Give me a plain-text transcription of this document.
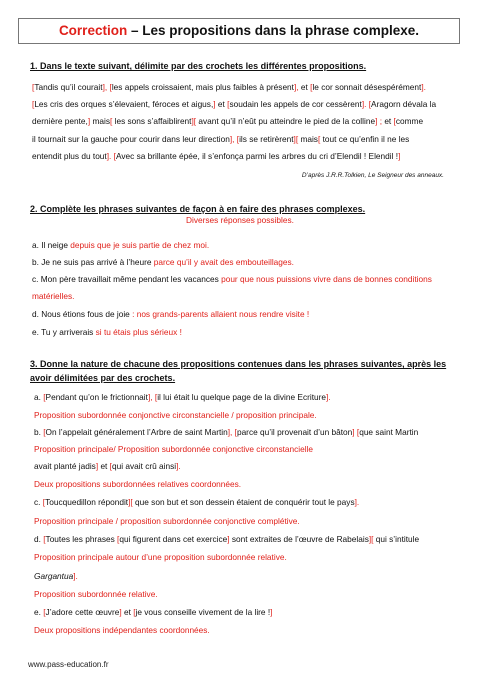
Correction – Les propositions dans la phrase complexe.
1. Dans le texte suivant, délimite par des crochets les différentes propositions.
[Tandis qu’il courait], [les appels croissaient, mais plus faibles à présent], et [le cor sonnait désespérément].
[Les cris des orques s’élevaient, féroces et aigus,] et [soudain les appels de cor cessèrent]. [Aragorn dévala la
dernière pente,] mais[ les sons s’affaiblirent][ avant qu’il n’eût pu atteindre le pied de la colline] ; et [comme
il tournait sur la gauche pour courir dans leur direction], [ils se retirèrent][ mais[ tout ce qu’enfin il ne les
entendit plus du tout]. [Avec sa brillante épée, il s’enfonça parmi les arbres du cri d’Elendil ! Elendil !]
D’après J.R.R.Tolkien, Le Seigneur des anneaux.
2. Complète les phrases suivantes de façon à en faire des phrases complexes.
Diverses réponses possibles.
a. Il neige depuis que je suis partie de chez moi.
b. Je ne suis pas arrivé à l’heure parce qu’il y avait des embouteillages.
c. Mon père travaillait même pendant les vacances pour que nous puissions vivre dans de bonnes conditions
matérielles.
d. Nous étions fous de joie : nos grands-parents allaient nous rendre visite !
e. Tu y arriverais si tu étais plus sérieux !
3. Donne la nature de chacune des propositions contenues dans les phrases suivantes, après les
avoir délimitées par des crochets.
a. [Pendant qu’on le frictionnait], [il lui était lu quelque page de la divine Ecriture].
Proposition subordonnée conjonctive circonstancielle / proposition principale.
b. [On l’appelait généralement l’Arbre de saint Martin], [parce qu’il provenait d’un bâton] [que saint Martin
Proposition principale/ Proposition subordonnée conjonctive circonstancielle
avait planté jadis] et [qui avait crû ainsi].
Deux propositions subordonnées relatives coordonnées.
c. [Toucquedillon répondit][ que son but et son dessein étaient de conquérir tout le pays].
Proposition principale / proposition subordonnée conjonctive complétive.
d. [Toutes les phrases [qui figurent dans cet exercice] sont extraites de l’œuvre de Rabelais][ qui s’intitule
Proposition principale autour d’une proposition subordonnée relative.
Gargantua].
Proposition subordonnée relative.
e. [J’adore cette œuvre] et [je vous conseille vivement de la lire !]
Deux propositions indépendantes coordonnées.
www.pass-education.fr
